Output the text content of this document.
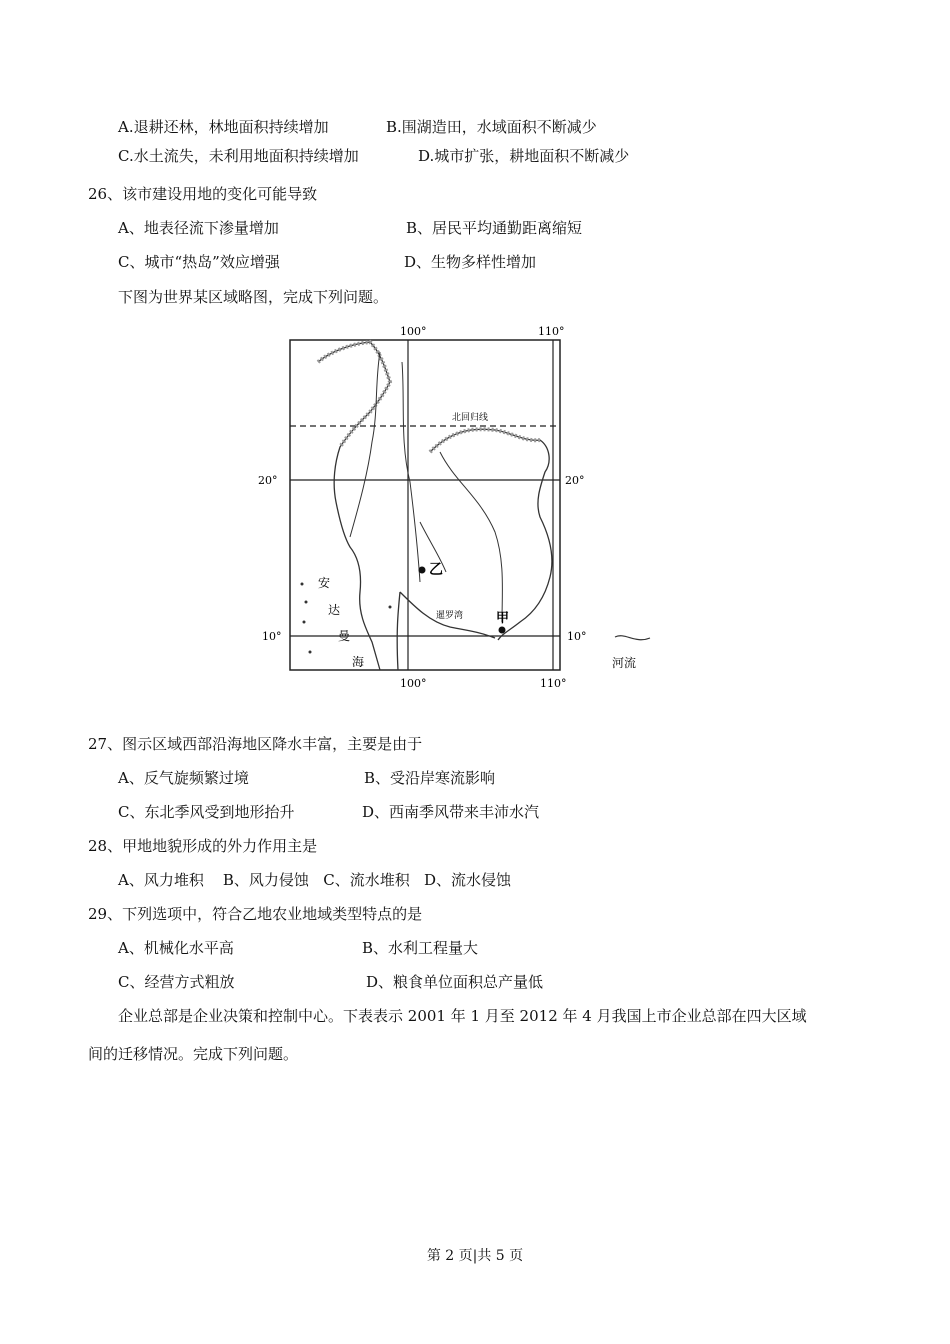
A.退耕还林，林地面积持续增加	B.围湖造田，水域面积不断减少
C.水土流失，未利用地面积持续增加	D.城市扩张，耕地面积不断减少
26、该市建设用地的变化可能导致
A、地表径流下渗量增加	B、居民平均通勤距离缩短
C、城市“热岛”效应增强	D、生物多样性增加
下图为世界某区域略图，完成下列问题。
100°	110°
100°	110°
20°	20°
10°	10°
北回归线
乙
甲
安
达
曼
海
暹罗湾
河流
27、图示区域西部沿海地区降水丰富，主要是由于
A、反气旋频繁过境	B、受沿岸寒流影响
C、东北季风受到地形抬升	D、西南季风带来丰沛水汽
28、甲地地貌形成的外力作用主是
A、风力堆积    B、风力侵蚀   C、流水堆积   D、流水侵蚀
29、下列选项中，符合乙地农业地域类型特点的是
A、机械化水平高	B、水利工程量大
C、经营方式粗放	D、粮食单位面积总产量低
企业总部是企业决策和控制中心。下表表示 2001 年 1 月至 2012 年 4 月我国上市企业总部在四大区域
间的迁移情况。完成下列问题。
第 2 页|共 5 页
